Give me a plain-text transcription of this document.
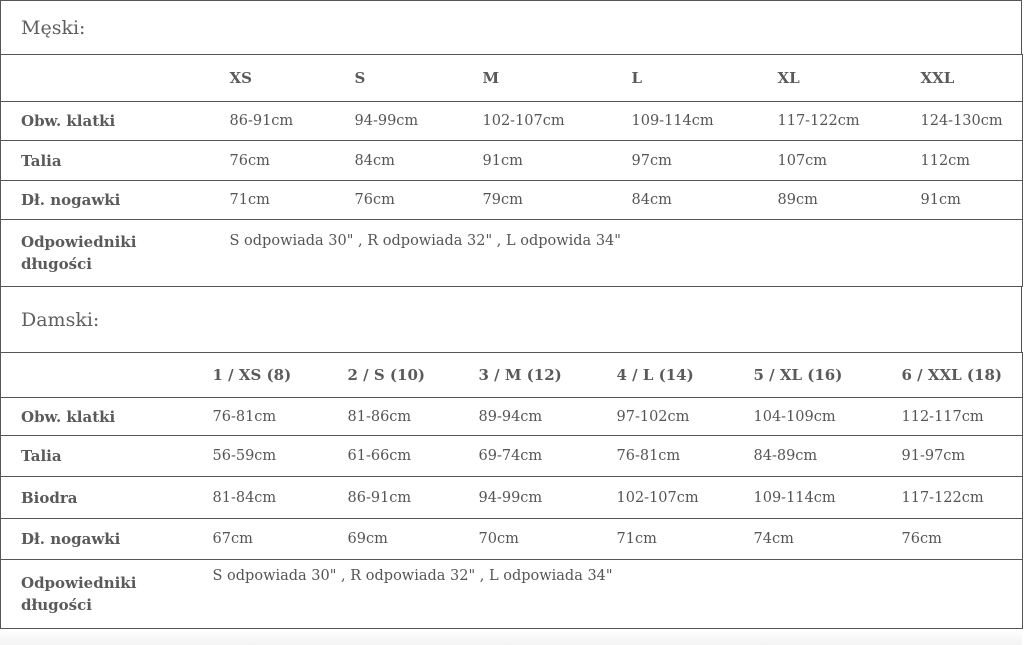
Męski:
	XS	S	M	L	XL	XXL
Obw. klatki	86-91cm	94-99cm	102-107cm	109-114cm	117-122cm	124-130cm
Talia	76cm	84cm	91cm	97cm	107cm	112cm
Dł. nogawki	71cm	76cm	79cm	84cm	89cm	91cm
Odpowiedniki
długości	S odpowiada 30" , R odpowiada 32" , L odpowida 34"					
Damski:
	1 / XS (8)	2 / S (10)	3 / M (12)	4 / L (14)	5 / XL (16)	6 / XXL (18)
Obw. klatki	76-81cm	81-86cm	89-94cm	97-102cm	104-109cm	112-117cm
Talia	56-59cm	61-66cm	69-74cm	76-81cm	84-89cm	91-97cm
Biodra	81-84cm	86-91cm	94-99cm	102-107cm	109-114cm	117-122cm
Dł. nogawki	67cm	69cm	70cm	71cm	74cm	76cm
Odpowiedniki
długości	S odpowiada 30" , R odpowiada 32" , L odpowiada 34"					
